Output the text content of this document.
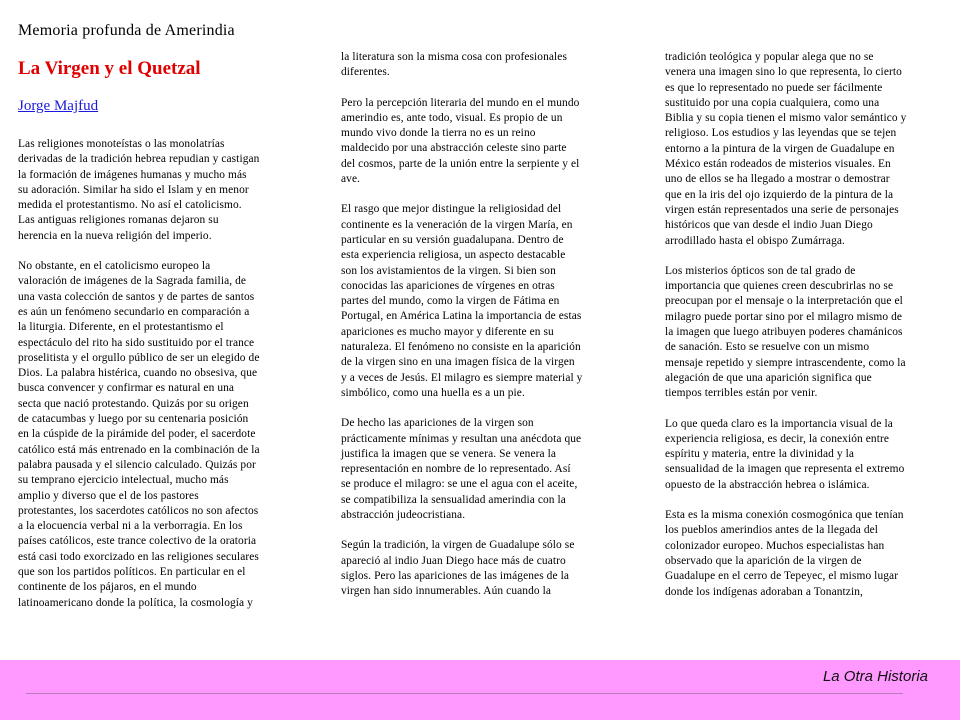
Memoria profunda de Amerindia
La Virgen y el Quetzal
Jorge Majfud

Las religiones monoteístas o las monolatrías
derivadas de la tradición hebrea repudian y castigan
la formación de imágenes humanas y mucho más
su adoración. Similar ha sido el Islam y en menor
medida el protestantismo. No así el catolicismo.
Las antiguas religiones romanas dejaron su
herencia en la nueva religión del imperio.

No obstante, en el catolicismo europeo la
valoración de imágenes de la Sagrada familia, de
una vasta colección de santos y de partes de santos
es aún un fenómeno secundario en comparación a
la liturgia. Diferente, en el protestantismo el
espectáculo del rito ha sido sustituido por el trance
proselitista y el orgullo público de ser un elegido de
Dios. La palabra histérica, cuando no obsesiva, que
busca convencer y confirmar es natural en una
secta que nació protestando. Quizás por su origen
de catacumbas y luego por su centenaria posición
en la cúspide de la pirámide del poder, el sacerdote
católico está más entrenado en la combinación de la
palabra pausada y el silencio calculado. Quizás por
su temprano ejercicio intelectual, mucho más
amplio y diverso que el de los pastores
protestantes, los sacerdotes católicos no son afectos
a la elocuencia verbal ni a la verborragia. En los
países católicos, este trance colectivo de la oratoria
está casi todo exorcizado en las religiones seculares
que son los partidos políticos. En particular en el
continente de los pájaros, en el mundo
latinoamericano donde la política, la cosmología y

la literatura son la misma cosa con profesionales
diferentes.

Pero la percepción literaria del mundo en el mundo
amerindio es, ante todo, visual. Es propio de un
mundo vivo donde la tierra no es un reino
maldecido por una abstracción celeste sino parte
del cosmos, parte de la unión entre la serpiente y el
ave.

El rasgo que mejor distingue la religiosidad del
continente es la veneración de la virgen María, en
particular en su versión guadalupana. Dentro de
esta experiencia religiosa, un aspecto destacable
son los avistamientos de la virgen. Si bien son
conocidas las apariciones de vírgenes en otras
partes del mundo, como la virgen de Fátima en
Portugal, en América Latina la importancia de estas
apariciones es mucho mayor y diferente en su
naturaleza. El fenómeno no consiste en la aparición
de la virgen sino en una imagen física de la virgen
y a veces de Jesús. El milagro es siempre material y
simbólico, como una huella es a un pie.

De hecho las apariciones de la virgen son
prácticamente mínimas y resultan una anécdota que
justifica la imagen que se venera. Se venera la
representación en nombre de lo representado. Así
se produce el milagro: se une el agua con el aceite,
se compatibiliza la sensualidad amerindia con la
abstracción judeocristiana.

Según la tradición, la virgen de Guadalupe sólo se
apareció al indio Juan Diego hace más de cuatro
siglos. Pero las apariciones de las imágenes de la
virgen han sido innumerables. Aún cuando la

tradición teológica y popular alega que no se
venera una imagen sino lo que representa, lo cierto
es que lo representado no puede ser fácilmente
sustituido por una copia cualquiera, como una
Biblia y su copia tienen el mismo valor semántico y
religioso. Los estudios y las leyendas que se tejen
entorno a la pintura de la virgen de Guadalupe en
México están rodeados de misterios visuales. En
uno de ellos se ha llegado a mostrar o demostrar
que en la iris del ojo izquierdo de la pintura de la
virgen están representados una serie de personajes
históricos que van desde el indio Juan Diego
arrodillado hasta el obispo Zumárraga.

Los misterios ópticos son de tal grado de
importancia que quienes creen descubrirlas no se
preocupan por el mensaje o la interpretación que el
milagro puede portar sino por el milagro mismo de
la imagen que luego atribuyen poderes chamánicos
de sanación. Esto se resuelve con un mismo
mensaje repetido y siempre intrascendente, como la
alegación de que una aparición significa que
tiempos terribles están por venir.

Lo que queda claro es la importancia visual de la
experiencia religiosa, es decir, la conexión entre
espíritu y materia, entre la divinidad y la
sensualidad de la imagen que representa el extremo
opuesto de la abstracción hebrea o islámica.

Esta es la misma conexión cosmogónica que tenían
los pueblos amerindios antes de la llegada del
colonizador europeo. Muchos especialistas han
observado que la aparición de la virgen de
Guadalupe en el cerro de Tepeyec, el mismo lugar
donde los indígenas adoraban a Tonantzin,

La Otra Historia
